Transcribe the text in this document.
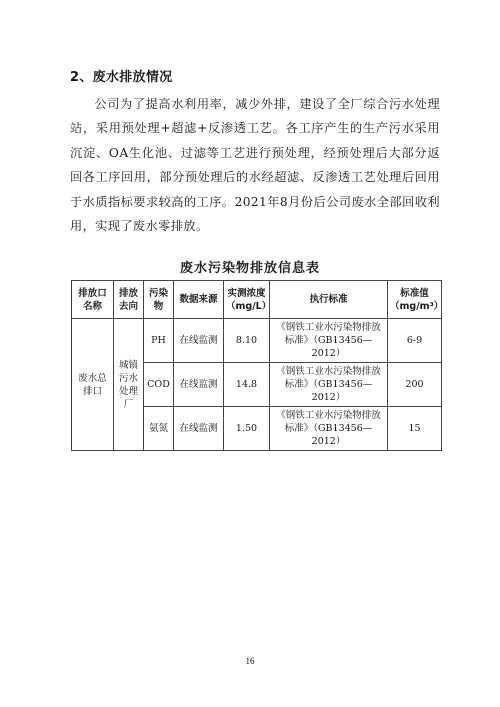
2、废水排放情况

公司为了提高水利用率，减少外排，建设了全厂综合污水处理站，采用预处理+超滤+反渗透工艺。各工序产生的生产污水采用沉淀、OA生化池、过滤等工艺进行预处理，经预处理后大部分返回各工序回用，部分预处理后的水经超滤、反渗透工艺处理后回用于水质指标要求较高的工序。2021年8月份后公司废水全部回收利用，实现了废水零排放。

废水污染物排放信息表
排放口名称	排放去向	污染物	数据来源	实测浓度（mg/L）	执行标准	标准值（mg/m³）
废水总排口	城镇污水处理厂	PH	在线监测	8.10	《钢铁工业水污染物排放标准》（GB13456—2012）	6-9
		COD	在线监测	14.8	《钢铁工业水污染物排放标准》（GB13456—2012）	200
		氨氮	在线监测	1.50	《钢铁工业水污染物排放标准》（GB13456—2012）	15
16
